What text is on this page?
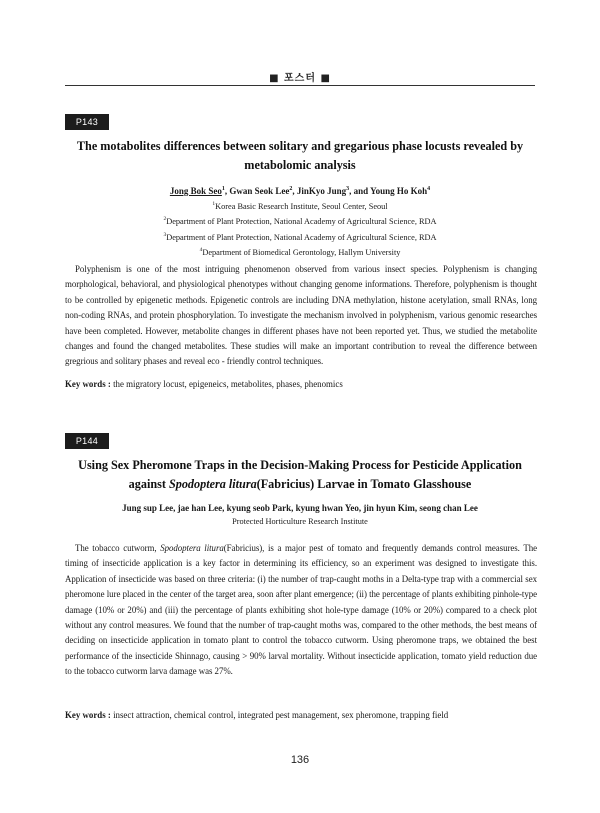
■ 포스터 ■
P143
The motabolites differences between solitary and gregarious phase locusts revealed by
metabolomic analysis
Jong Bok Seo$^1$, Gwan Seok Lee$^2$, JinKyo Jung$^3$, and Young Ho Koh$^4$
$^1$Korea Basic Research Institute, Seoul Center, Seoul
$^2$Department of Plant Protection, National Academy of Agricultural Science, RDA
$^3$Department of Plant Protection, National Academy of Agricultural Science, RDA
$^4$Department of Biomedical Gerontology, Hallym University

Polyphenism is one of the most intriguing phenomenon observed from various insect species. Polyphenism is changing morphological, behavioral, and physiological phenotypes without changing genome informations. Therefore, polyphenism is thought to be controlled by epigenetic methods. Epigenetic controls are including DNA methylation, histone acetylation, small RNAs, long non-coding RNAs, and protein phosphorylation. To investigate the mechanism involved in polyphenism, various genomic researches have been completed. However, metabolite changes in different phases have not been reported yet. Thus, we studied the metabolite changes and found the changed metabolites. These studies will make an important contribution to reveal the difference between gregrious and solitary phases and reveal eco - friendly control techniques.

Key words : the migratory locust, epigeneics, metabolites, phases, phenomics

P144
Using Sex Pheromone Traps in the Decision-Making Process for Pesticide Application
against Spodoptera litura(Fabricius) Larvae in Tomato Glasshouse
Jung sup Lee, jae han Lee, kyung seob Park, kyung hwan Yeo, jin hyun Kim, seong chan Lee
Protected Horticulture Research Institute

The tobacco cutworm, Spodoptera litura(Fabricius), is a major pest of tomato and frequently demands control measures. The timing of insecticide application is a key factor in determining its efficiency, so an experiment was designed to investigate this. Application of insecticide was based on three criteria: (i) the number of trap-caught moths in a Delta-type trap with a commercial sex pheromone lure placed in the center of the target area, soon after plant emergence; (ii) the percentage of plants exhibiting pinhole-type damage (10% or 20%) and (iii) the percentage of plants exhibiting shot hole-type damage (10% or 20%) compared to a check plot without any control measures. We found that the number of trap-caught moths was, compared to the other methods, the best means of deciding on insecticide application in tomato plant to control the tobacco cutworm. Using pheromone traps, we obtained the best performance of the insecticide Shinnago, causing > 90% larval mortality. Without insecticide application, tomato yield reduction due to the tobacco cutworm larva damage was 27%.

Key words : insect attraction, chemical control, integrated pest management, sex pheromone, trapping field

136
